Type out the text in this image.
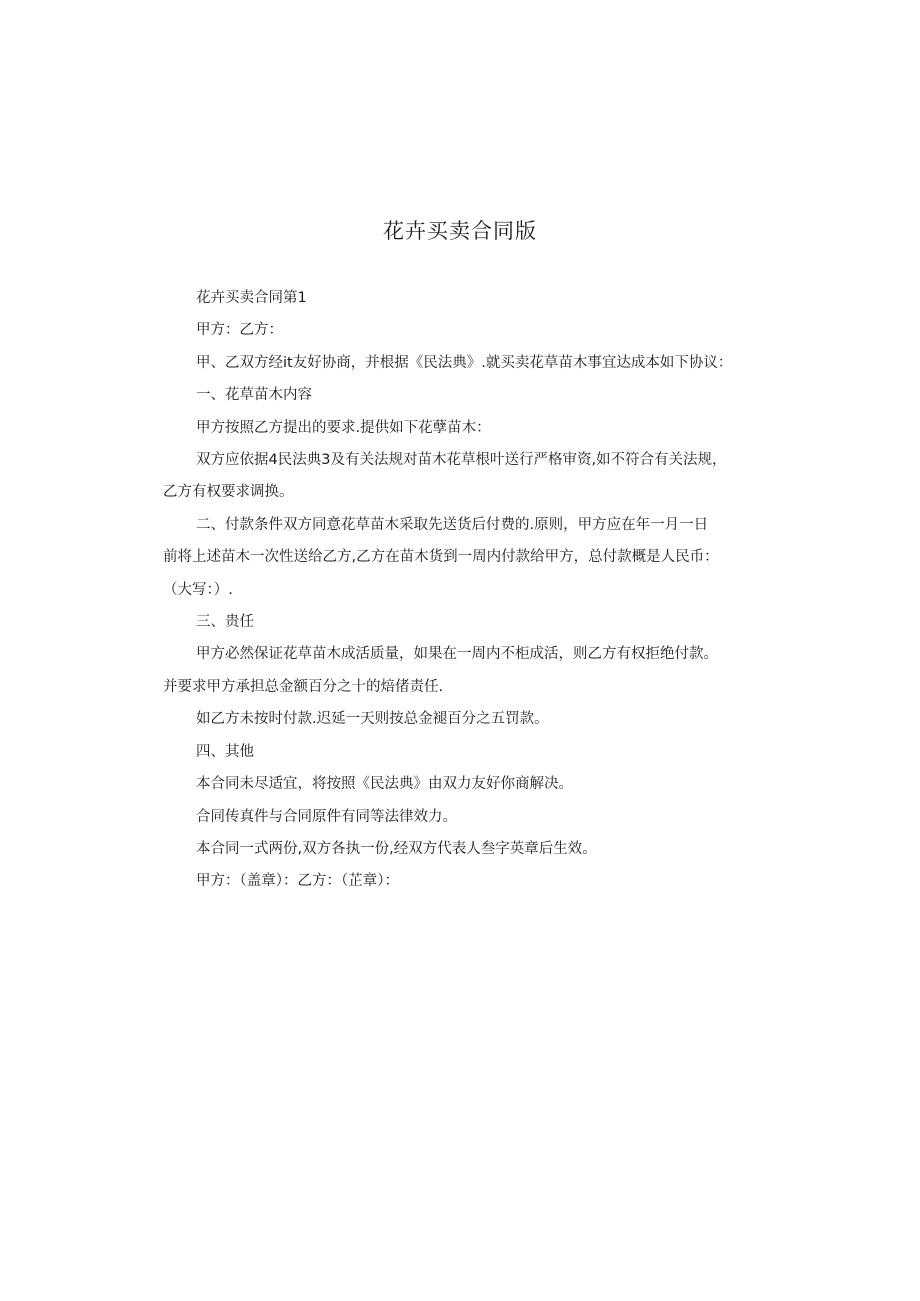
花卉买卖合同版

花卉买卖合同第1

甲方：乙方：

甲、乙双方经it友好协商，并根据《民法典》.就买卖花草苗木事宜达成本如下协议：

一、花草苗木内容

甲方按照乙方提出的要求.提供如下花孽苗木：

双方应依据4民法典3及有关法规对苗木花草根叶送行严格审资,如不符合有关法规，
乙方有权要求调换。

二、付款条件双方同意花草苗木采取先送货后付费的.原则，甲方应在年一月一日
前将上述苗木一次性送给乙方,乙方在苗木货到一周内付款给甲方，总付款概是人民币：
（大写：）.

三、贵任

甲方必然保证花草苗木成活质量，如果在一周内不柜成活，则乙方有权拒绝付款。
并要求甲方承担总金额百分之十的焙偖责任.

如乙方未按时付款.迟延一天则按总金褪百分之五罚款。

四、其他

本合同未尽适宜，将按照《民法典》由双力友好你商解决。

合同传真件与合同原件有同等法律效力。

本合同一式两份,双方各执一份,经双方代表人叁字英章后生效。

甲方：（盖章）：乙方：（芷章）：
